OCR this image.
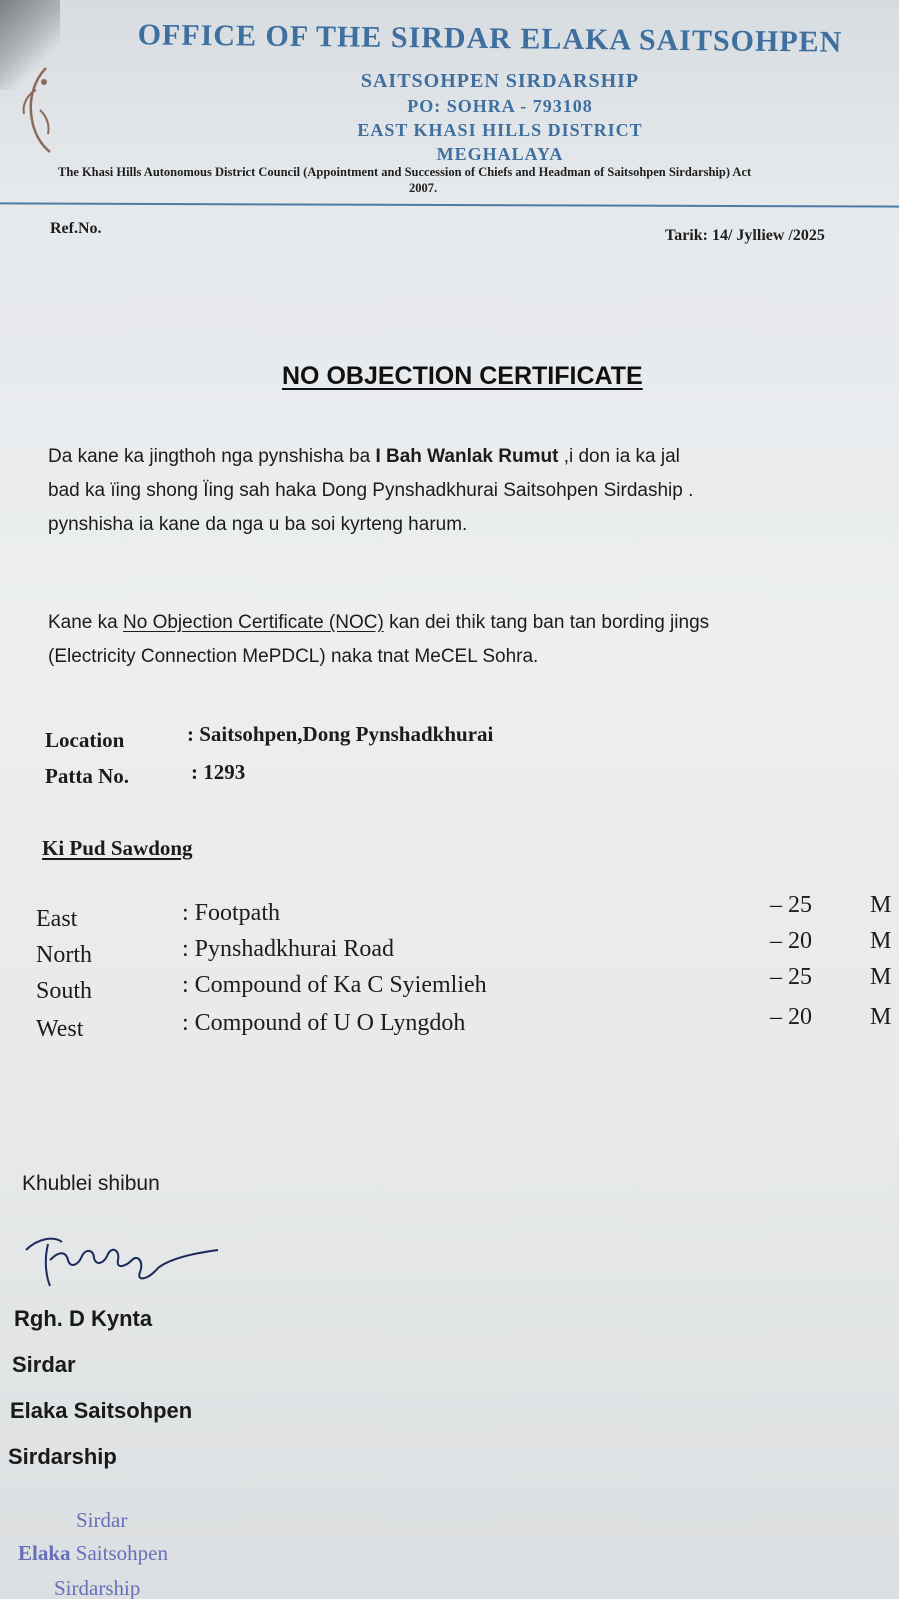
OFFICE OF THE SIRDAR ELAKA SAITSOHPEN
SAITSOHPEN SIRDARSHIP
PO: SOHRA - 793108
EAST KHASI HILLS DISTRICT
MEGHALAYA
The Khasi Hills Autonomous District Council (Appointment and Succession of Chiefs and Headman of Saitsohpen Sirdarship) Act
2007.
Ref.No.	Tarik: 14/ Jylliew /2025
NO OBJECTION CERTIFICATE
Da kane ka jingthoh nga pynshisha ba I Bah Wanlak Rumut ,i don ia ka jal
bad ka ïing shong Ïing sah haka Dong Pynshadkhurai Saitsohpen Sirdaship .
pynshisha ia kane da nga u ba soi kyrteng harum.
Kane ka No Objection Certificate (NOC) kan dei thik tang ban tan bording jings
(Electricity Connection MePDCL) naka tnat MeCEL Sohra.
Location	: Saitsohpen,Dong Pynshadkhurai
Patta No.	: 1293
Ki Pud Sawdong
East	: Footpath	– 25 M
North	: Pynshadkhurai Road	– 20 M
South	: Compound of Ka C Syiemlieh	– 25 M
West	: Compound of U O Lyngdoh	– 20 M
Khublei shibun
Rgh. D Kynta
Sirdar
Elaka Saitsohpen
Sirdarship
Sirdar
Elaka Saitsohpen
Sirdarship
